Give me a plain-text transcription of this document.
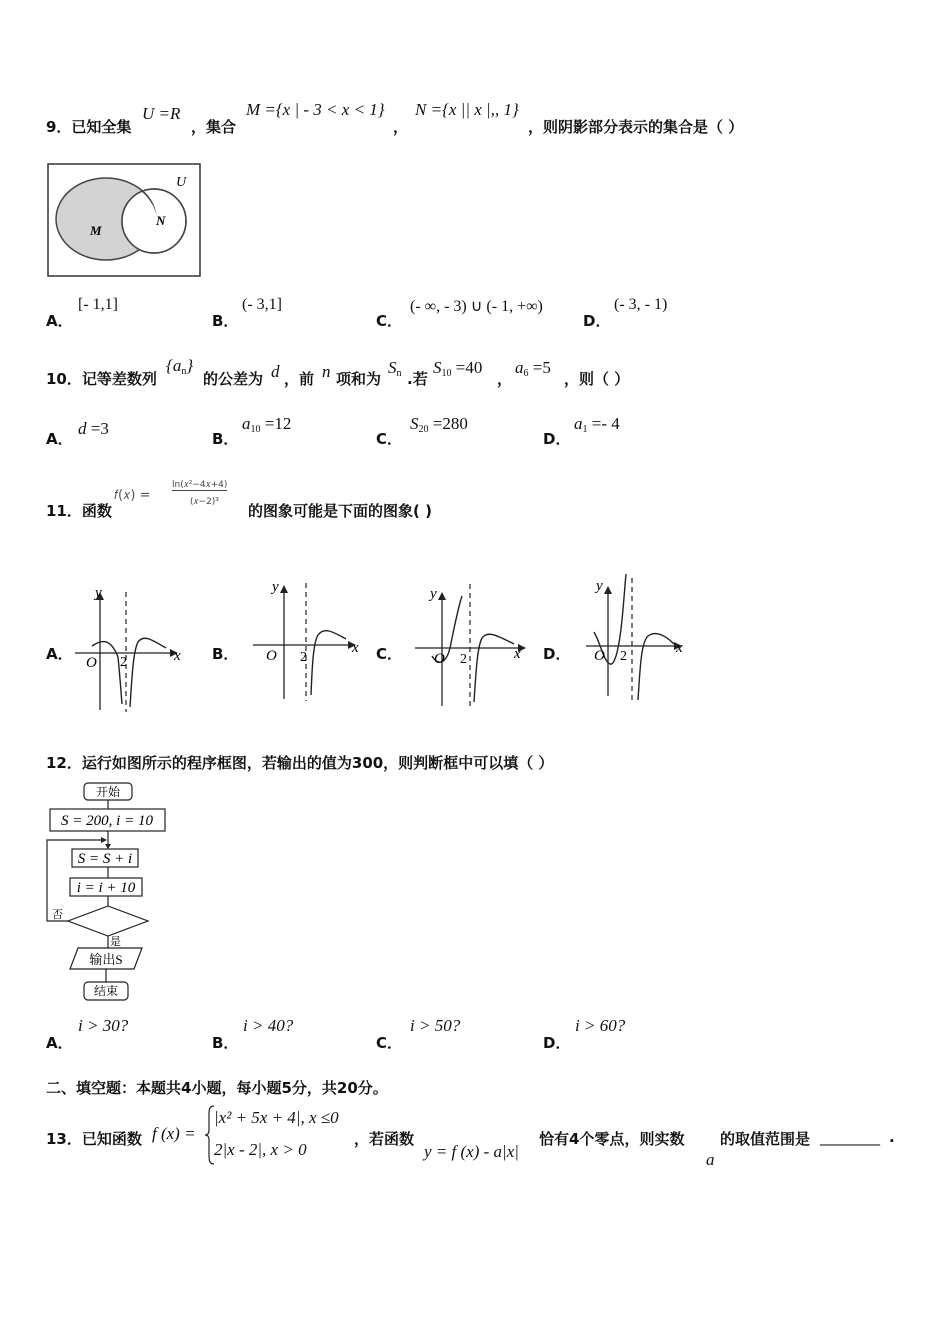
9．已知全集
U =R
，集合
M ={x | - 3 < x < 1}
，
N ={x || x |,, 1}
，则阴影部分表示的集合是（ ）
U
M
N
A．
[- 1,1]
B．
(- 3,1]
C．
(- ∞, - 3) ∪ (- 1, +∞)
D．
(- 3, - 1)
10．记等差数列
$\{a_n\}$
的公差为 d ，前 n 项和为
$S_n$ .若
$S_{10} =40$
，
$a_6 =5$
，则（ ）
A．
d =3
B．
$a_{10} =12$
C．
$S_{20} =280$
D．
$a_1 =- 4$
11．函数
𝑓(𝑥) =
ln(𝑥²−4𝑥+4)
(𝑥−2)³ 的图象可能是下面的图象( )
A．
y
x
O 2	B．
y
x
O 2	C．
y
x
O 2	D．
y
x
O 2
12．运行如图所示的程序框图，若输出的值为300，则判断框中可以填（ ）
开始
S = 200, i = 10
S = S + i
i = i + 10
否
是
输出S
结束
A．
i > 30?
B．
i > 40?
C．
i > 50?
D．
i > 60?
二、填空题：本题共4小题，每小题5分，共20分。
13．已知函数 f (x) =
|x² + 5x + 4|, x ≤0
2|x - 2|, x > 0
，若函数
y = f (x) - a|x|
恰有4个零点，则实数
a
的取值范围是 ________ .
